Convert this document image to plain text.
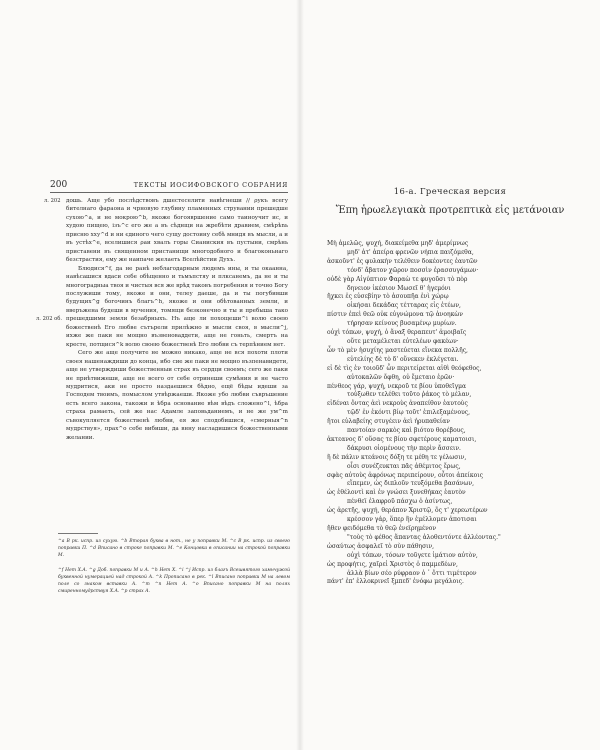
200	ТЕКСТЫ ИОСИФОВСКОГО СОБРАНИЯ
л. 202
л. 202 об.

дошь. Аще убо послѣдствовъ дшестеселити нaвѣгнеши // ρукъ всегу бителнаго фарaона и чрновую глубину пламенных струвании прешедше сухою^a, и не мокрою^b, якоже богоявршение само таиноучит ис, и худою пищею, ізъ^c его же а въ сѣднщи на жребѣти дравием, смѣрѣnь присню хху^d и ни єдиного чего сущу достоину себѣ мнидя въ мысли, а и въ устѣх^e, вселишися ρаи хвaлъ горы Сианиския въ пустыни, смрѣнь приставени въ священном пристанищи многодобного и благоконьнаго безстрастия, ему же наипаче желаеть Вселѣйстии Духъ.

Блюдися^f, да не ранѣ неблагодарным людемъ ины, и ты окаанна, навѣсашися вдаси себе обѣщенно и тьмъпстяу и плксанемъ, да не и ты многоградныа твоя и чистыя вся же врѣд таковъ погребения и точно Богу послужиши тому, якоже и они, телеу даеше, да и ты погубивши будущих^g богочинъ благъ^h, якоже и они обѣтованных земли, и вверъжена будеши в мучения, томящи безконечно и ты и пребыша тако прешедшими земли безабрныхъ. Нъ аще ли похощеши^i волю своею божественѣ Его любве сътърели прилѣжно и мысли своя, в мысли^j, ихже же паки не мощно възвеноваддети, аще не гоньть, смертъ на кресте, потщися^k волю своею божественѣ Его любви съ терпѣнием нет.

Сего же аще получите не можно никако, аще не вся похоти плоти своея нашенаждиши до конца, ибо сие же паки не мощно възпенавидети, аще не утверждиши божественныи страх въ сердци своемъ; сего же паки не приѣтвижеши, аще не всего от себе отринеши сумѣния и не часто мудритися, аки не просто наздаешися бѣдно, ещё бѣды идеши за Господем твоимъ, помыслом утвѣржаеши. Якоже убо любви съвръшение есть всего закона, такожи и ѣбра основание вѣм вѣдъ сложено^l, ѣбра страха рамаеть, сей же нас Адамле заповьданиемъ, и не же ум^m съвокупляется божественѣ любви, ея же сподобишися, «смерныя^n мудрствуя», прах^o себе вибиши, да внну насладишися божественными желании.

^a В рк. испр. из сухую. ^b Вторая буква в нот., не у поправки М. ^c В рк. испр. из своего поправки П. ^d Вписано в строке поправки М. ^e Концовка в описании на строкой поправки М.
^f Нет Х.А. ^g Доб. поправки М и А. ^h Нет Х. ^i ^j Испр. из благъ Всешвятого хамнчужой буквенной нумерацией над строкой А. ^k Прописано в рек. ^l Вписано поправки М на левом поле со знаком вставки А. ^m ^n Нет А. ^o Вписано поправки М на полях смиренномудрствуя Х.А. ^p страх А.
16-а. Греческая версия
Ἔπη ἡρωελεγιακὰ προτρεπτικὰ εἰς μετάνοιαν
Μὴ ἀμελῶς, ψυχή, διακείμεθα μηδ' ἀμερίμνως
μηδ' ἀτ' ἀπείρα φρενῶν νήπια παιζόμεθα,
ἀσκοῦντ' ἐς φυλακὴν τελέθειν δοκέοντες ἑαυτῶν
τόνδ' ἄβατον χῶρον ποσσὶν ἐρασσυγάμων·
οὐδὲ γὰρ Αἰγύπτιον Φαραὼ τε φυγοῦσι τὸ πὸρ
δηνειον ἱκέσιον Μωσεῖ θ' ἡγεμόνι
ἤχκει ἐς εὐσεβίην τὸ ἀσουπῆα ἐνὶ χώρῳ
οἰκήσαι δεκάδας τέτταρας εἰς ἐτέων,
πίστιν ἐπεὶ θεῶ οὐκ εὐγνώμονα τῷ ἀνοηκὼν
τήρησαν κείνους βυσαμένῳ μυρίων.
οὐχὶ τόπων, ψυχή, ὁ ἄναξ θεραπευτ' ἀμοιβαῖς
οὔτε μεταμέλεται εὐτελέων φακέων·
ὧν τὸ μὲν ἡσυχίης μαστεύεται εἵνεκα πολλῆς,
εὐτελίης δὲ τὸ δ' οὕνεκεν ἐκλέγεται.
εἰ δὲ τὶς ἐν τοιοῦδ' ὧν περιτείρεται αἰθὶ θεόφεθος,
αὐτοκαλῶν ὄφθη, οὐ ἔμεταιο ἐρῶν·
πένθεος γάρ, ψυχή, νεκροῦ τε βίου ὑποθεῖγμα
τοὐξωθεν τελέθει τοῦτο ῥάκος τὸ μέλαν,
εἰδέναι ὄντας ἀεὶ νεκροὺς ἀναπείθον ἑαυτοὺς
τῷδ' ἐν ἐκόντι βίῳ τοῦτ' ἐπιλεξαμένους,
ἤτοι εὐλαβείης στυγέειν ἀεὶ ἠρυπαθείαν
παντοίαν σαρκὸς καὶ βιότου θορέβους,
ἀκτεανος δ' οὕσας τε βίου σφετέρους καματοισι,
δάκρυσι οἰομένους τὴν περὶν ἄσσειν.
ἢ δὲ πάλιν κτεάνοις δόξη τε μέθη τε γέλωσιν,
οἷσι συνέζευκται πᾶς ἀθέμιτος ἔρως,
σφὰς αὐτοὺς ἀφρόνως περιπείρουν, οὗτοι ἀπείκοις
εἴπεμεν, ὡς διπλοῦν τευξόμεθα βασάνων,
ὡς ἐθέλοντὶ καὶ ἐν γνώσει ξυνεθήκας ἑαυτὸν
πένθεϊ ἐλαφροῦ πάσχω ὁ ἀσίντως,
ὡς ἀρετῆς, ψυχή, θεράπον Χριστῷ, ὅς τ' χερεωτέρων
κρέσσον γάρ, ὅπερ ἢν ἐμέλλομεν ἀποτισαι
ἤθεν φειδόμεθα τὸ θεῷ ἐνεϊρημένον
"τοὺς τὸ φέθος ἅπαντας ἀλοθεντόντε ἀλλέοντας."
ὡσαύτως ἀσφαλεῖ τὸ σὺν πάθησιν,
οὐχὶ τόπων, τόσων τοῦγετε ἰμάτιον αὐτὸν,
ὡς προφήτις, χαῖρεἰ Χριστὸς ὁ παμμεδέων,
ἀλλὰ βίων σέο ρύφραον ὁ ᾽ ὅττι τιμέτερον
πάντ' ἐπ' ἐλλοκρινεῖ ξμπεδ' ἐνόφω μεγάλοις.
